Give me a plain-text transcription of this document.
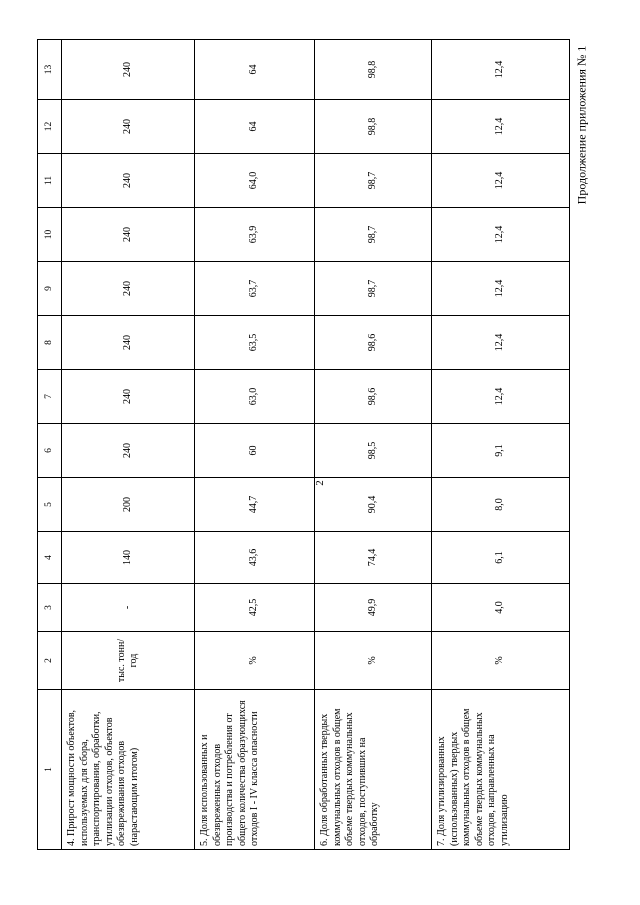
2
Продолжение приложения № 1
1	2	3	4	5	6	7	8	9	10	11	12	13
4. Прирост мощности объектов, используемых для сбора, транспортирования, обработки, утилизации отходов, объектов обезвреживания отходов (нарастающим итогом)	тыс. тонн/год	-	140	200	240	240	240	240	240	240	240	240
5. Доля использованных и обезвреженных отходов производства и потребления от общего количества образующихся отходов I - IV класса опасности	%	42,5	43,6	44,7	60	63,0	63,5	63,7	63,9	64,0	64	64
6. Доля обработанных твердых коммунальных отходов в общем объеме твердых коммунальных отходов, поступивших на обработку	%	49,9	74,4	90,4	98,5	98,6	98,6	98,7	98,7	98,7	98,8	98,8
7. Доля утилизированных (использованных) твердых коммунальных отходов в общем объеме твердых коммунальных отходов, направленных на утилизацию	%	4,0	6,1	8,0	9,1	12,4	12,4	12,4	12,4	12,4	12,4	12,4
